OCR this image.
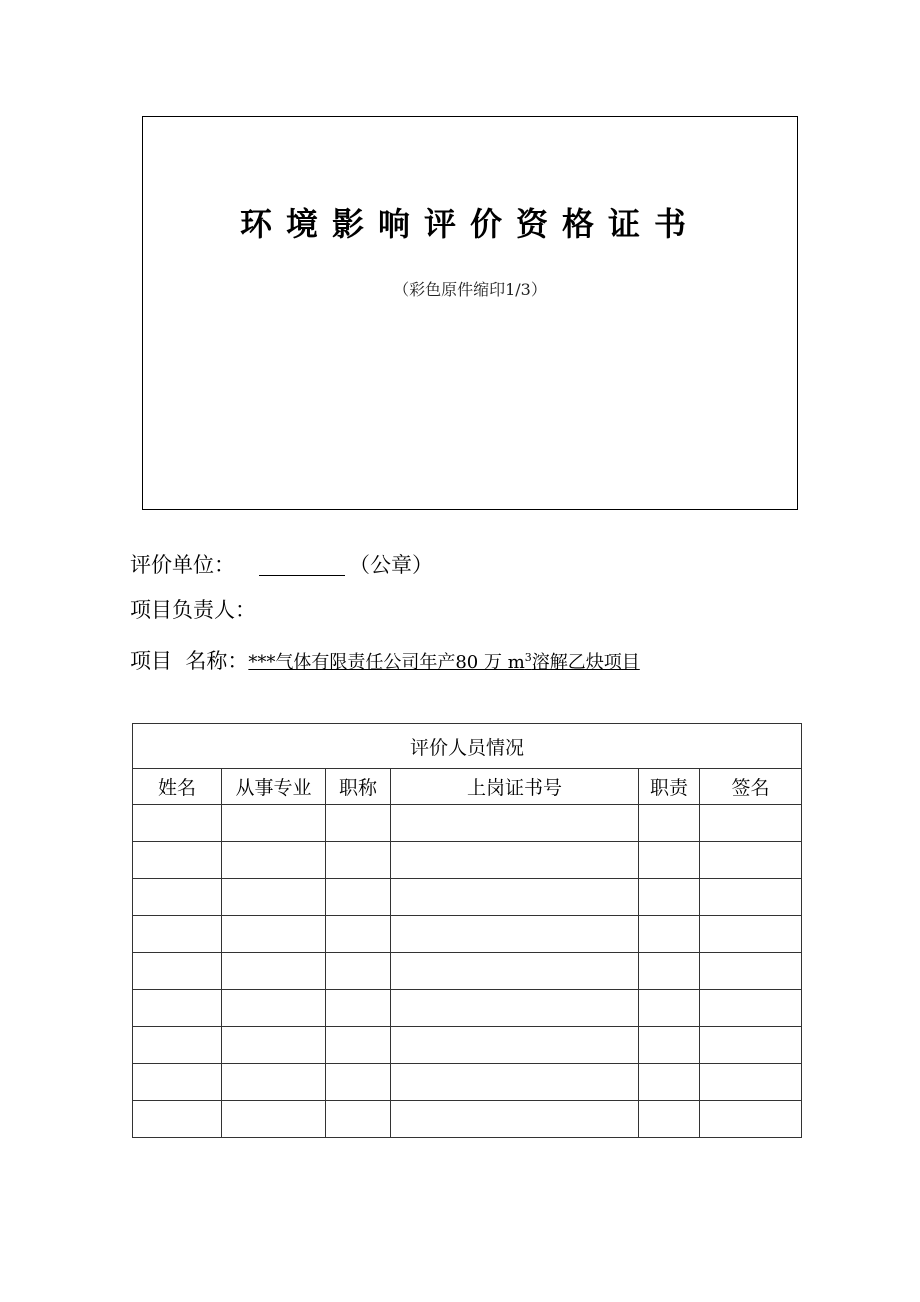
环境影响评价资格证书
（彩色原件缩印1/3）
评价单位：	（公章）
项目负责人：
项目  名称：***气体有限责任公司年产80 万 $m^3$溶解乙炔项目
评价人员情况					
姓名	从事专业	职称	上岗证书号	职责	签名
